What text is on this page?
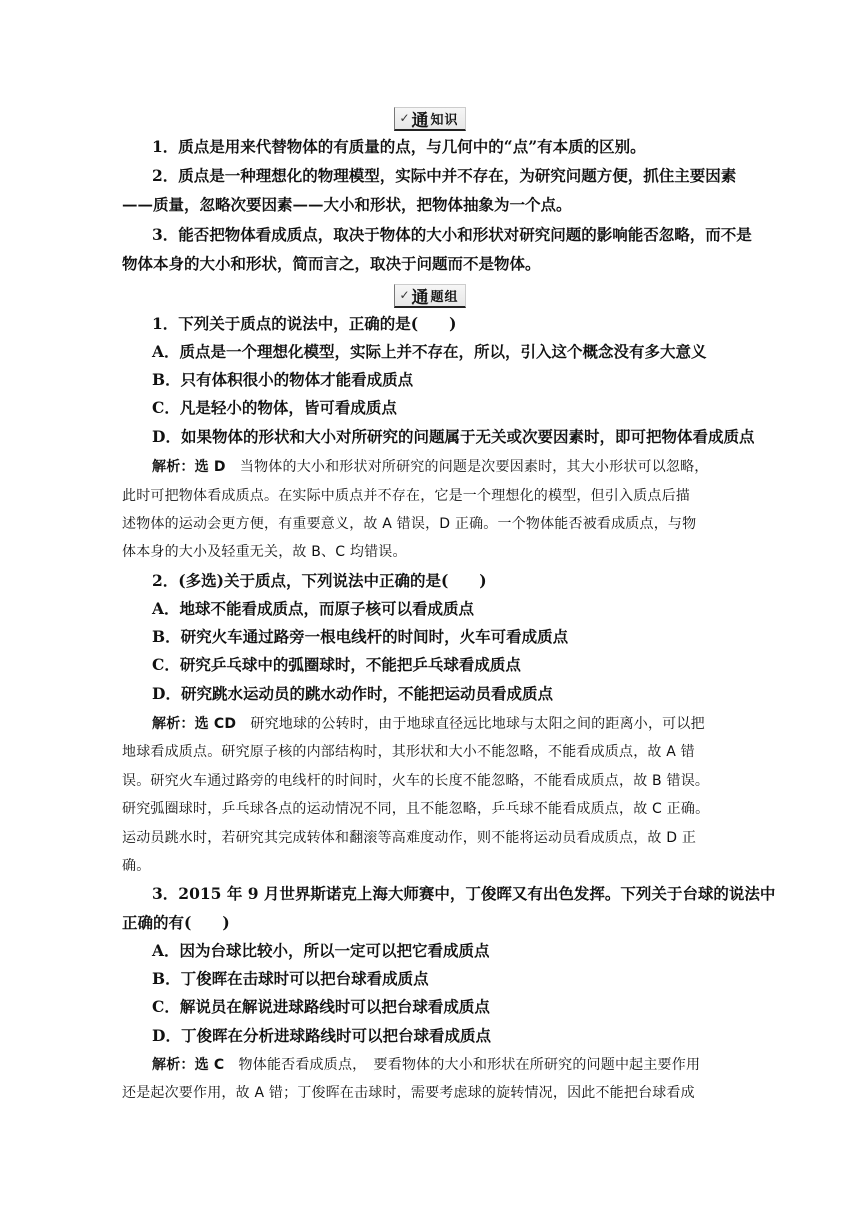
✓ 通 知识
1．质点是用来代替物体的有质量的点，与几何中的“点”有本质的区别。
2．质点是一种理想化的物理模型，实际中并不存在，为研究问题方便，抓住主要因素
——质量，忽略次要因素——大小和形状，把物体抽象为一个点。
3．能否把物体看成质点，取决于物体的大小和形状对研究问题的影响能否忽略，而不是
物体本身的大小和形状，简而言之，取决于问题而不是物体。
✓ 通 题组
1．下列关于质点的说法中，正确的是(　　)
A．质点是一个理想化模型，实际上并不存在，所以，引入这个概念没有多大意义
B．只有体积很小的物体才能看成质点
C．凡是轻小的物体，皆可看成质点
D．如果物体的形状和大小对所研究的问题属于无关或次要因素时，即可把物体看成质点
解析：选 D　当物体的大小和形状对所研究的问题是次要因素时，其大小形状可以忽略，
此时可把物体看成质点。在实际中质点并不存在，它是一个理想化的模型，但引入质点后描
述物体的运动会更方便，有重要意义，故 A 错误，D 正确。一个物体能否被看成质点，与物
体本身的大小及轻重无关，故 B、C 均错误。
2．(多选)关于质点，下列说法中正确的是(　　)
A．地球不能看成质点，而原子核可以看成质点
B．研究火车通过路旁一根电线杆的时间时，火车可看成质点
C．研究乒乓球中的弧圈球时，不能把乒乓球看成质点
D．研究跳水运动员的跳水动作时，不能把运动员看成质点
解析：选 CD　研究地球的公转时，由于地球直径远比地球与太阳之间的距离小，可以把
地球看成质点。研究原子核的内部结构时，其形状和大小不能忽略，不能看成质点，故 A 错
误。研究火车通过路旁的电线杆的时间时，火车的长度不能忽略，不能看成质点，故 B 错误。
研究弧圈球时，乒乓球各点的运动情况不同，且不能忽略，乒乓球不能看成质点，故 C 正确。
运动员跳水时，若研究其完成转体和翻滚等高难度动作，则不能将运动员看成质点，故 D 正
确。
3．2015 年 9 月世界斯诺克上海大师赛中，丁俊晖又有出色发挥。下列关于台球的说法中
正确的有(　　)
A．因为台球比较小，所以一定可以把它看成质点
B．丁俊晖在击球时可以把台球看成质点
C．解说员在解说进球路线时可以把台球看成质点
D．丁俊晖在分析进球路线时可以把台球看成质点
解析：选 C　物体能否看成质点，　要看物体的大小和形状在所研究的问题中起主要作用
还是起次要作用，故 A 错；丁俊晖在击球时，需要考虑球的旋转情况，因此不能把台球看成
